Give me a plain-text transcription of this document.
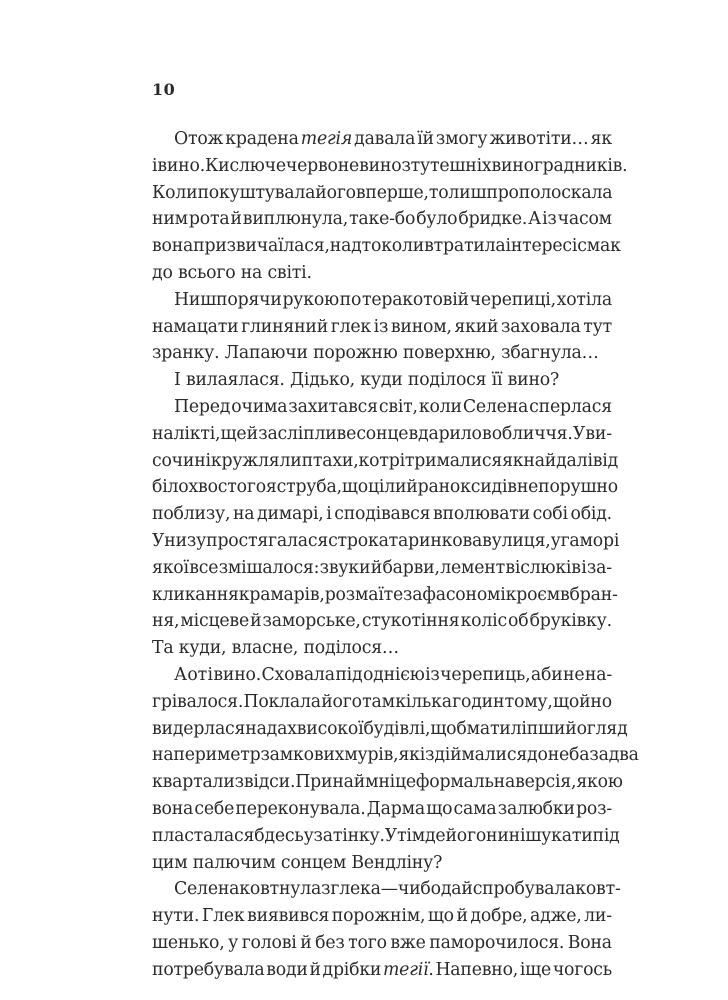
10
Отож крадена тегія давала їй змогу животіти… як
і вино. Кислюче червоне вино з тутешніх виноградників.
Коли покуштувала його вперше, то лиш прополоскала
ним рота й виплюнула, таке-бо було бридке. А із часом
вона призвичаїлася, надто коли втратила інтерес і смак
до всього на світі.
Нишпорячи рукою по теракотовій черепиці, хотіла
намацати глиняний глек із вином, який заховала тут
зранку. Лапаючи порожню поверхню, збагнула…
І вилаялася. Дідько, куди поділося її вино?
Перед очима захитався світ, коли Селена сперлася
на лікті, ще й засліпливе сонце вдарило в обличчя. У ви-
сочині кружляли птахи, котрі трималися якнайдалі від
білохвостого яструба, що цілий ранок сидів непорушно
поблизу, на димарі, і сподівався вполювати собі обід.
Унизу простягалася строката ринкова вулиця, у гаморі
якої все змішалося: звуки й барви, лемент віслюків і за-
кликання крамарів, розмаїте за фасоном і кроєм вбран-
ня, місцеве й заморське, стукотіння коліс об бруківку.
Та куди, власне, поділося…
А от і вино. Сховала під однією із черепиць, аби не на-
грівалося. Поклала його там кілька годин тому, щойно
видерлася на дах високої будівлі, щоб мати ліпший огляд
на периметр замкових мурів, які здіймалися до неба за два
квартали звідси. Принаймні це формальна версія, якою
вона себе переконувала. Дарма що сама залюбки роз-
пласталася б десь у затінку. Утім де його нині шукати під
цим палючим сонцем Вендліну?
Селена ковтнула з глека — чи бодай спробувала ковт-
нути. Глек виявився порожнім, що й добре, адже, ли-
шенько, у голові й без того вже паморочилося. Вона
потребувала води й дрібки тегії. Напевно, іще чогось
